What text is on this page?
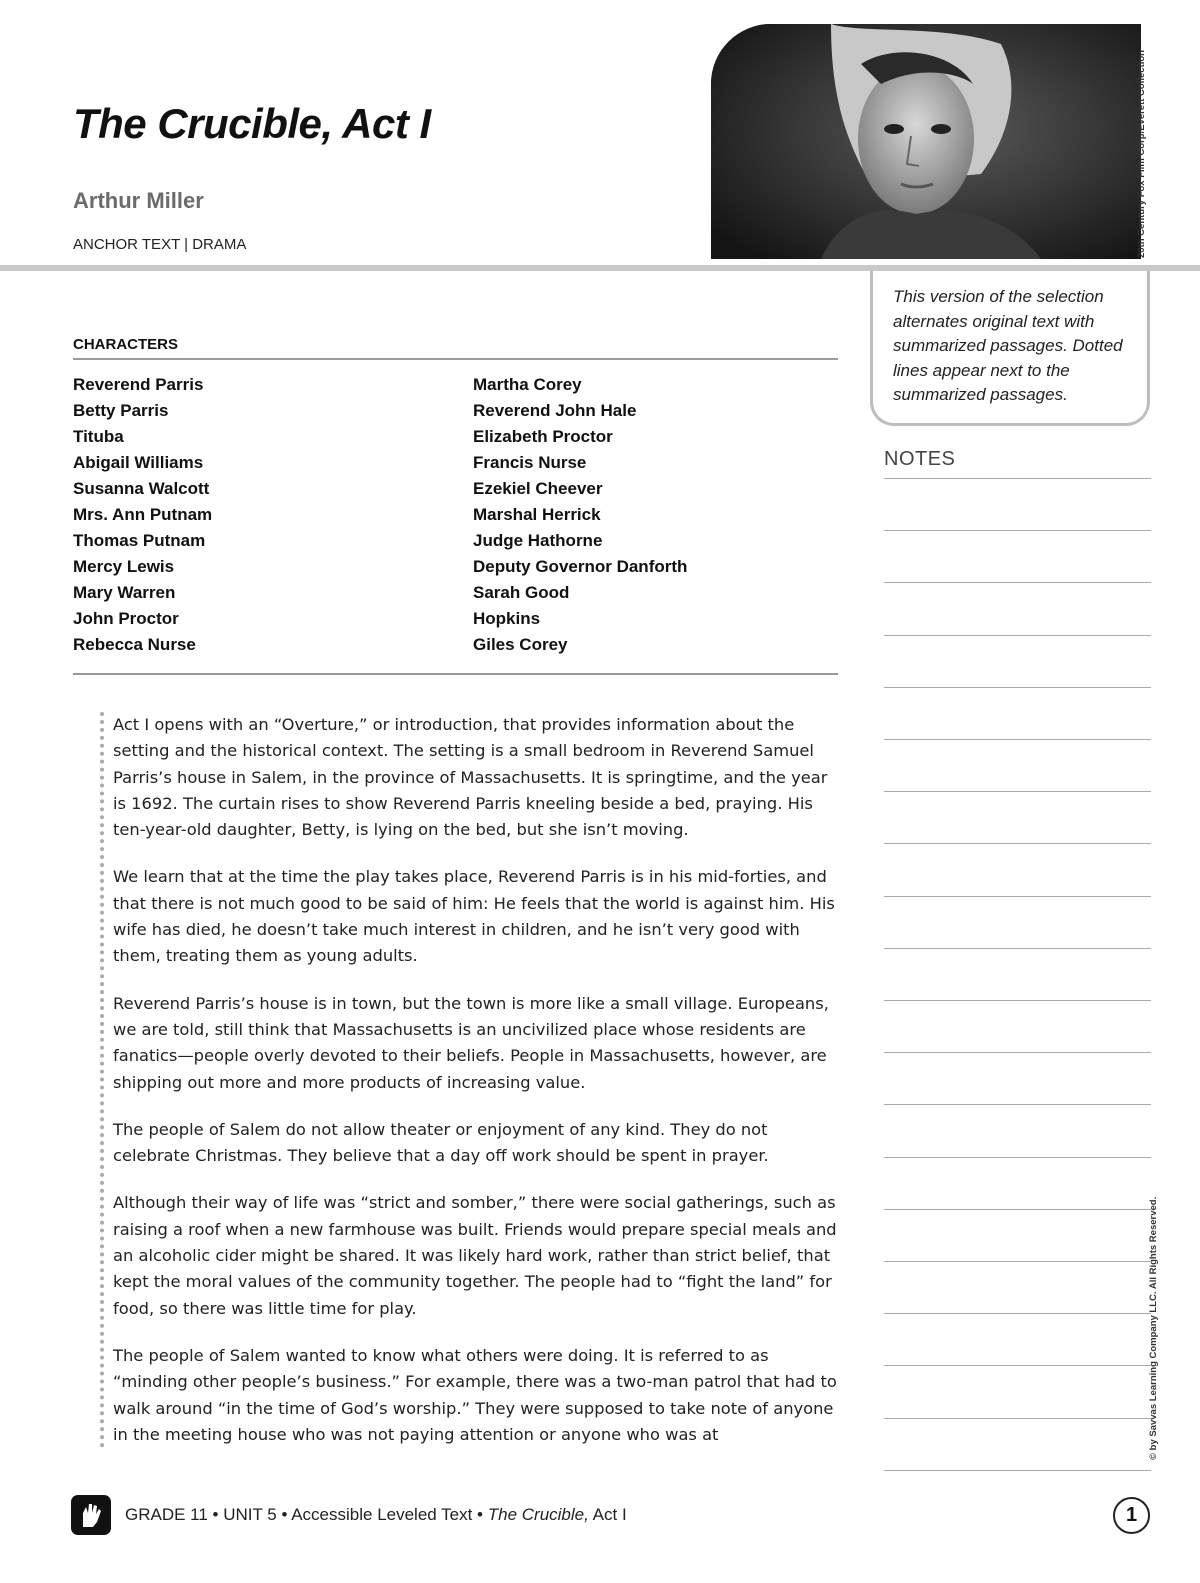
The Crucible, Act I
Arthur Miller
ANCHOR TEXT | DRAMA	20th Century Fox Film Corp/Everett Collection
This version of the selection alternates original text with summarized passages. Dotted lines appear next to the summarized passages.
NOTES
CHARACTERS
Reverend Parris
Betty Parris
Tituba
Abigail Williams
Susanna Walcott
Mrs. Ann Putnam
Thomas Putnam
Mercy Lewis
Mary Warren
John Proctor
Rebecca Nurse
Martha Corey
Reverend John Hale
Elizabeth Proctor
Francis Nurse
Ezekiel Cheever
Marshal Herrick
Judge Hathorne
Deputy Governor Danforth
Sarah Good
Hopkins
Giles Corey

Act I opens with an “Overture,” or introduction, that provides information about the setting and the historical context. The setting is a small bedroom in Reverend Samuel Parris’s house in Salem, in the province of Massachusetts. It is springtime, and the year is 1692. The curtain rises to show Reverend Parris kneeling beside a bed, praying. His ten-year-old daughter, Betty, is lying on the bed, but she isn’t moving.

We learn that at the time the play takes place, Reverend Parris is in his mid-forties, and that there is not much good to be said of him: He feels that the world is against him. His wife has died, he doesn’t take much interest in children, and he isn’t very good with them, treating them as young adults.

Reverend Parris’s house is in town, but the town is more like a small village. Europeans, we are told, still think that Massachusetts is an uncivilized place whose residents are fanatics—people overly devoted to their beliefs. People in Massachusetts, however, are shipping out more and more products of increasing value.

The people of Salem do not allow theater or enjoyment of any kind. They do not celebrate Christmas. They believe that a day off work should be spent in prayer.

Although their way of life was “strict and somber,” there were social gatherings, such as raising a roof when a new farmhouse was built. Friends would prepare special meals and an alcoholic cider might be shared. It was likely hard work, rather than strict belief, that kept the moral values of the community together. The people had to “fight the land” for food, so there was little time for play.

The people of Salem wanted to know what others were doing. It is referred to as “minding other people’s business.” For example, there was a two-man patrol that had to walk around “in the time of God’s worship.” They were supposed to take note of anyone in the meeting house who was not paying attention or anyone who was at

GRADE 11 • UNIT 5 • Accessible Leveled Text • The Crucible, Act I	1
© by Savvas Learning Company LLC. All Rights Reserved.
